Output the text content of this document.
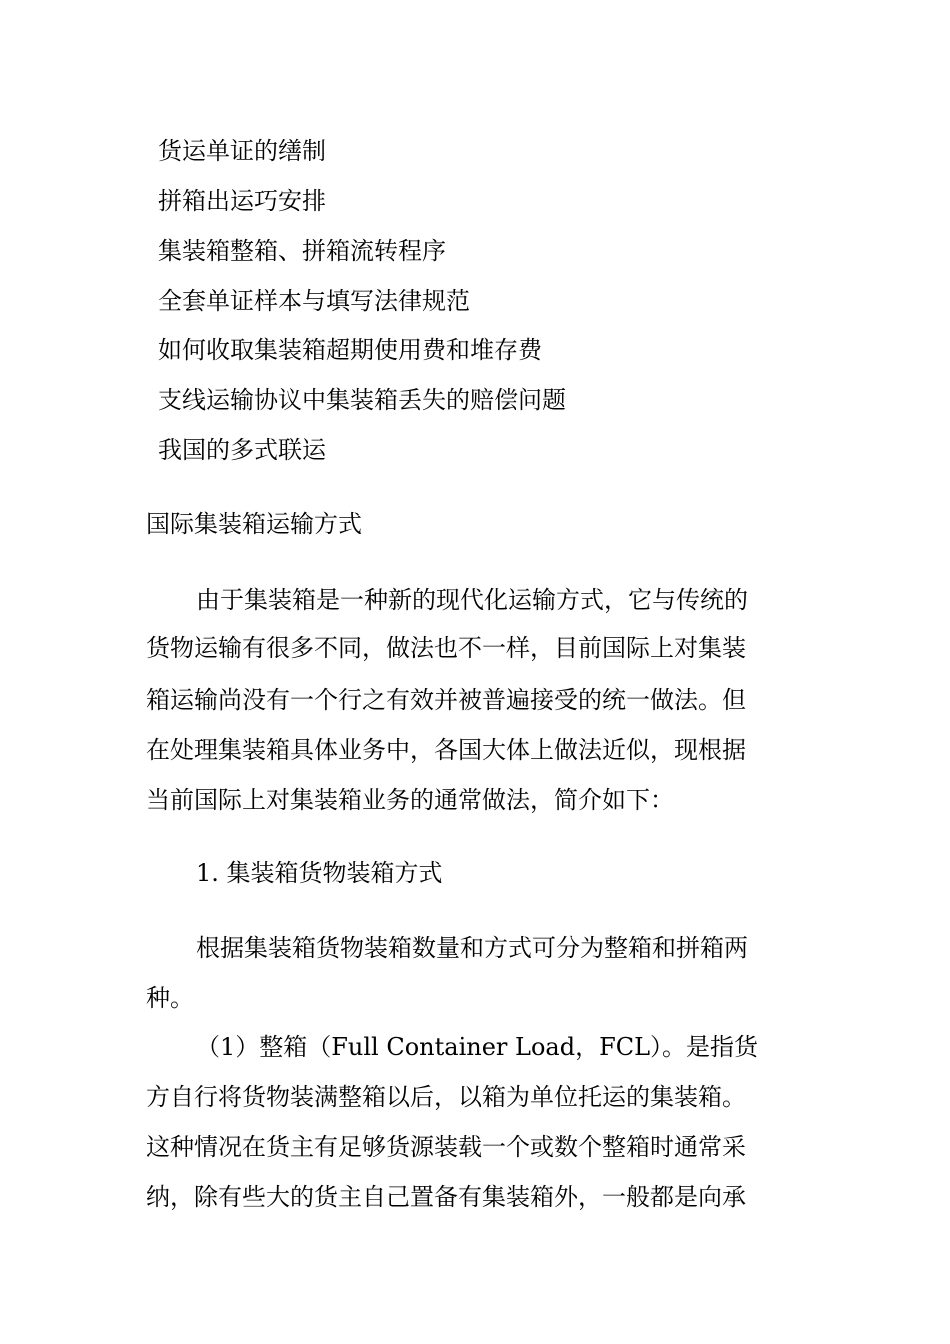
货运单证的缮制
拼箱出运巧安排
集装箱整箱、拼箱流转程序
全套单证样本与填写法律规范
如何收取集装箱超期使用费和堆存费
支线运输协议中集装箱丢失的赔偿问题
我国的多式联运
国际集装箱运输方式
由于集装箱是一种新的现代化运输方式，它与传统的
货物运输有很多不同，做法也不一样，目前国际上对集装
箱运输尚没有一个行之有效并被普遍接受的统一做法。但
在处理集装箱具体业务中，各国大体上做法近似，现根据
当前国际上对集装箱业务的通常做法，简介如下：
1. 集装箱货物装箱方式
根据集装箱货物装箱数量和方式可分为整箱和拼箱两
种。
（1）整箱（Full Container Load，FCL）。是指货
方自行将货物装满整箱以后，以箱为单位托运的集装箱。
这种情况在货主有足够货源装载一个或数个整箱时通常采
纳，除有些大的货主自己置备有集装箱外，一般都是向承
